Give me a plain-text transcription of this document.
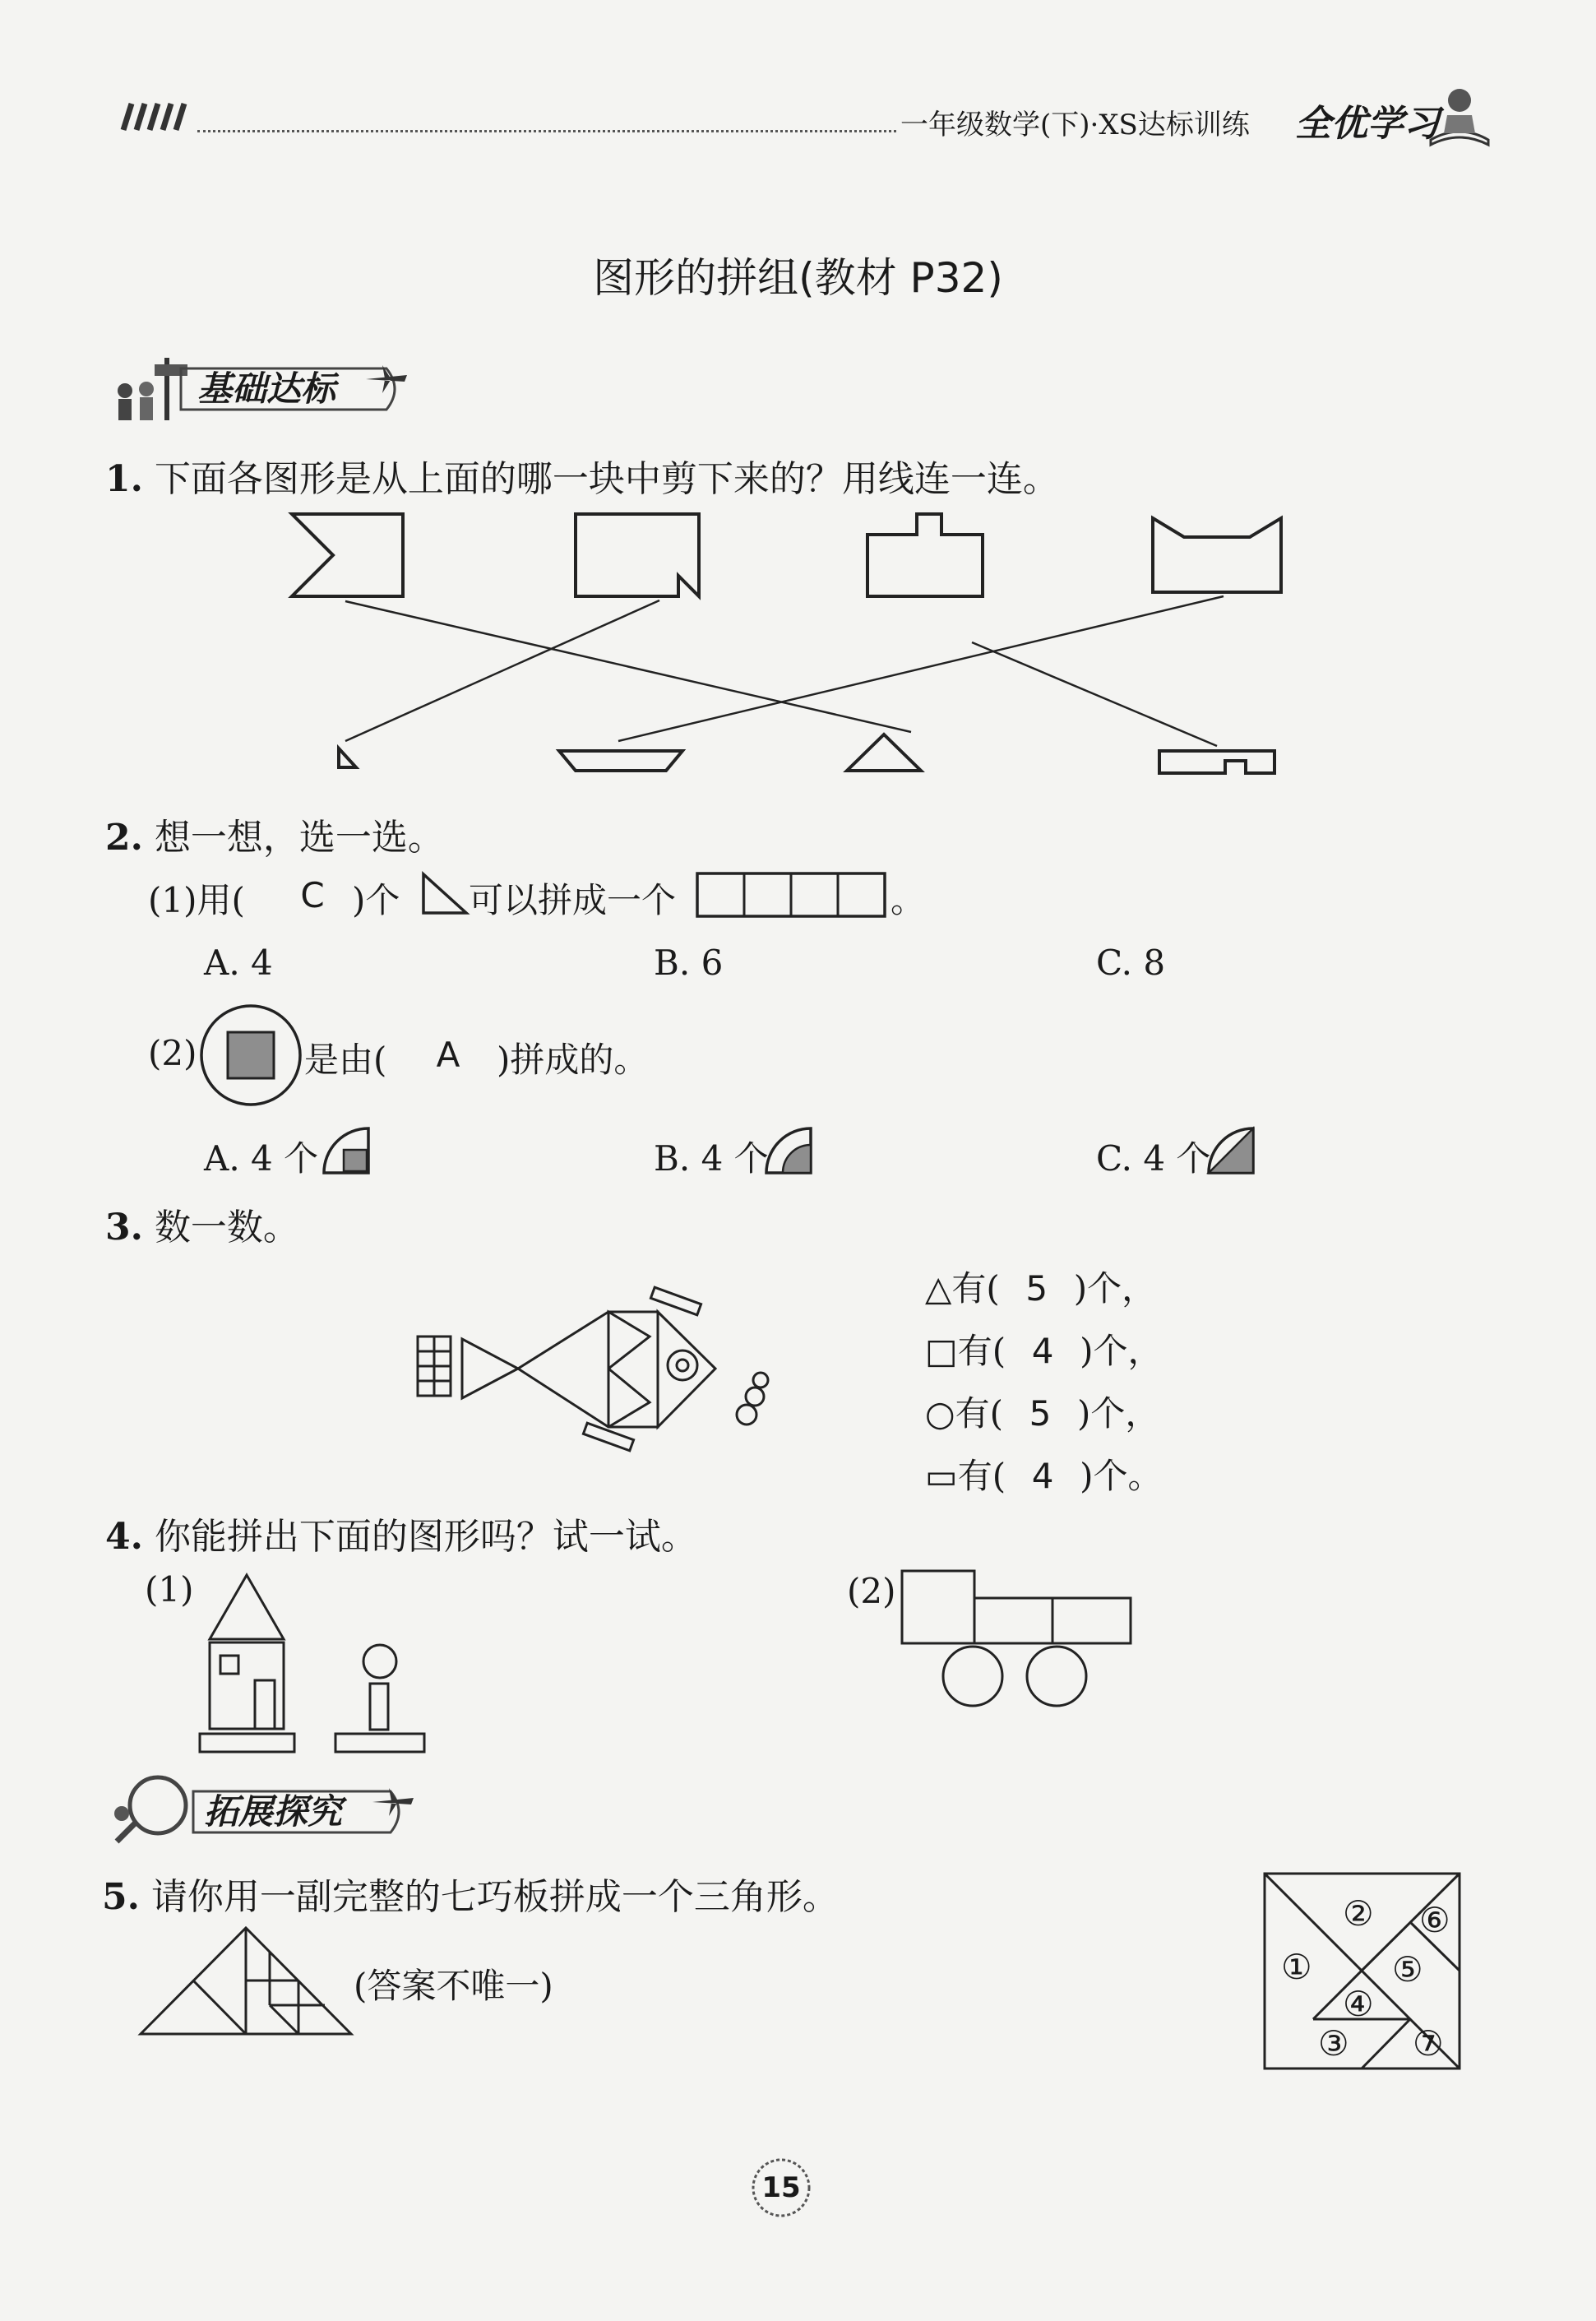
一年级数学(下)·XS达标训练 全优学习
图形的拼组(教材 P32)
基础达标
1. 下面各图形是从上面的哪一块中剪下来的？用线连一连。
2. 想一想，选一选。
(1)用( C )个 可以拼成一个	。
A. 4	B. 6	C. 8
(2)	是由( A )拼成的。
A. 4 个	B. 4 个	C. 4 个
3. 数一数。
△有( 5 )个，
□有( 4 )个，
○有( 5 )个，
▭有( 4 )个。
4. 你能拼出下面的图形吗？试一试。
(1)	(2)
拓展探究
5. 请你用一副完整的七巧板拼成一个三角形。
(答案不唯一)	①
②
③
④
⑤
⑥
⑦
15
